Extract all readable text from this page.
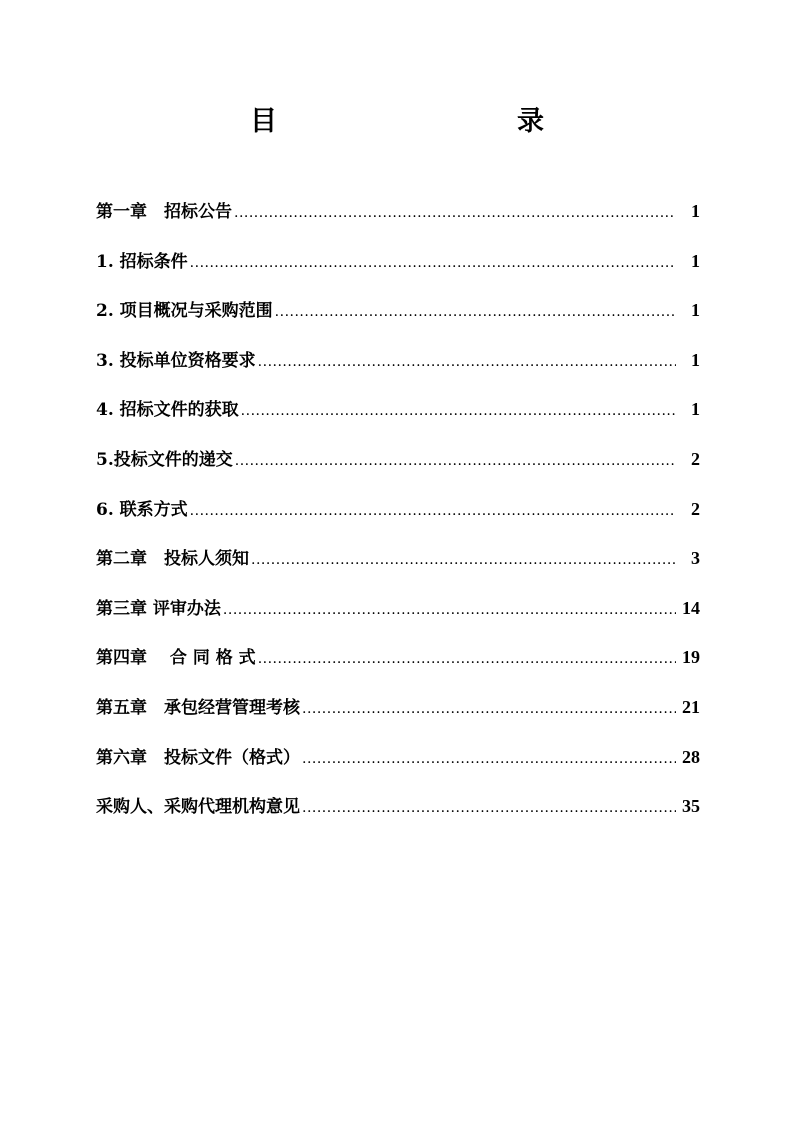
目　　录
第一章　招标公告 .....	1
1. 招标条件 .....	1
2. 项目概况与采购范围 .....	1
3. 投标单位资格要求 .....	1
4. 招标文件的获取 .....	1
5.投标文件的递交 .....	2
6. 联系方式 .....	2
第二章　投标人须知 .....	3
第三章 评审办法 .....	14
第四章　 合 同 格 式 .....	19
第五章　承包经营管理考核 .....	21
第六章　投标文件（格式） .....	28
采购人、采购代理机构意见 .....	35
